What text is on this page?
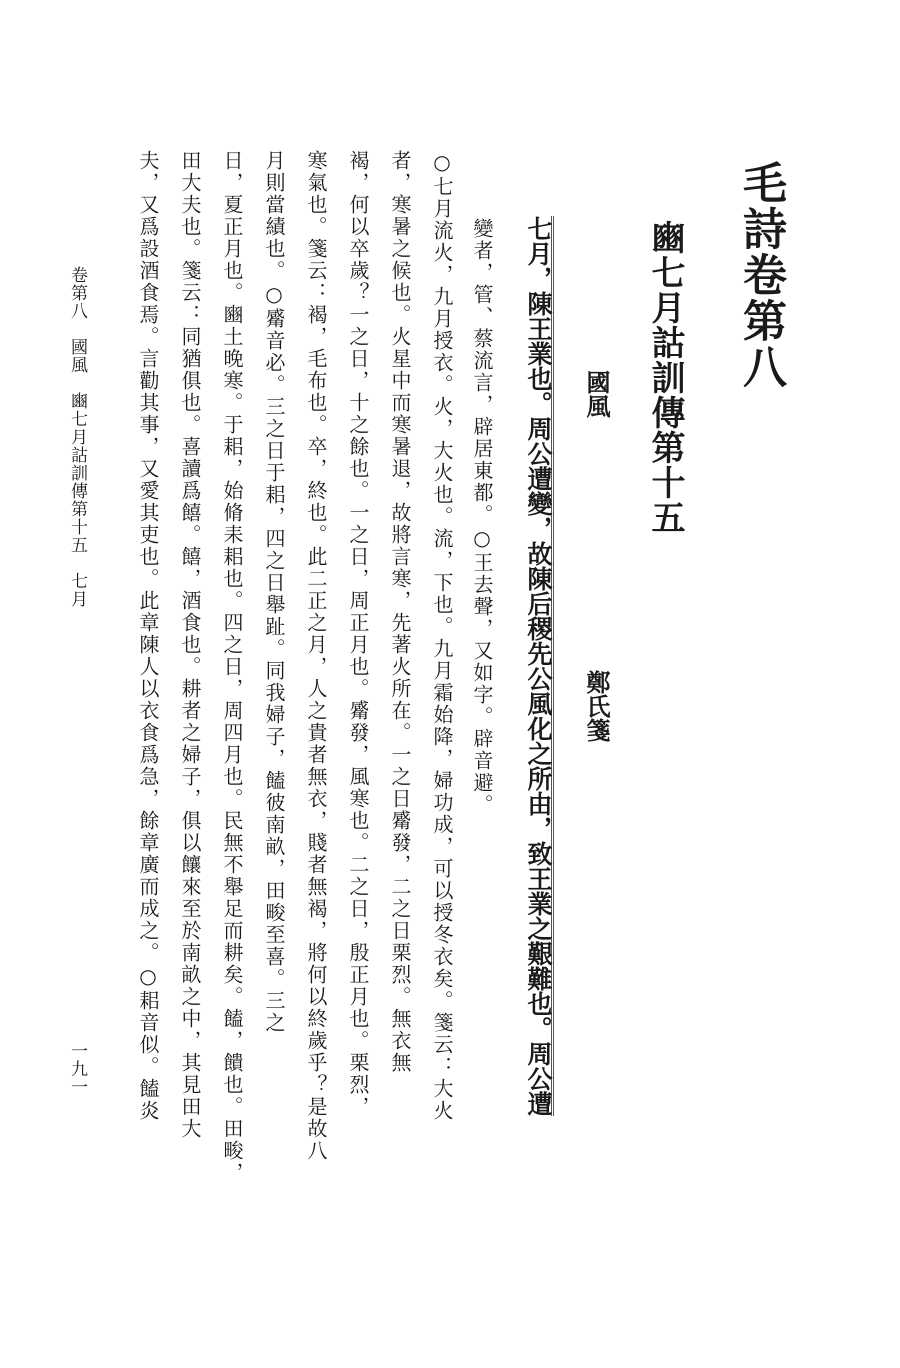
毛詩卷第八
豳七月詁訓傳第十五
國風
鄭氏箋
七月，陳王業也。周公遭變，故陳后稷先公風化之所由，致王業之艱難也。周公遭
變者，管、蔡流言，辟居東都。○王去聲，又如字。辟音避。
○七月流火，九月授衣。火，大火也。流，下也。九月霜始降，婦功成，可以授冬衣矣。箋云：大火
者，寒暑之候也。火星中而寒暑退，故將言寒，先著火所在。一之日觱發，二之日栗烈。無衣無
褐，何以卒歲？一之日，十之餘也。一之日，周正月也。觱發，風寒也。二之日，殷正月也。栗烈，
寒氣也。箋云：褐，毛布也。卒，終也。此二正之月，人之貴者無衣，賤者無褐，將何以終歲乎？是故八
月則當績也。○觱音必。三之日于耜，四之日舉趾。同我婦子，饁彼南畝，田畯至喜。三之
日，夏正月也。豳土晚寒。于耜，始脩耒耜也。四之日，周四月也。民無不舉足而耕矣。饁，饋也。田畯，
田大夫也。箋云：同猶俱也。喜讀爲饎。饎，酒食也。耕者之婦子，俱以饟來至於南畝之中，其見田大
夫，又爲設酒食焉。言勸其事，又愛其吏也。此章陳人以衣食爲急，餘章廣而成之。○耜音似。饁炎
卷第八　國風　豳七月詁訓傳第十五　七月
一九一
